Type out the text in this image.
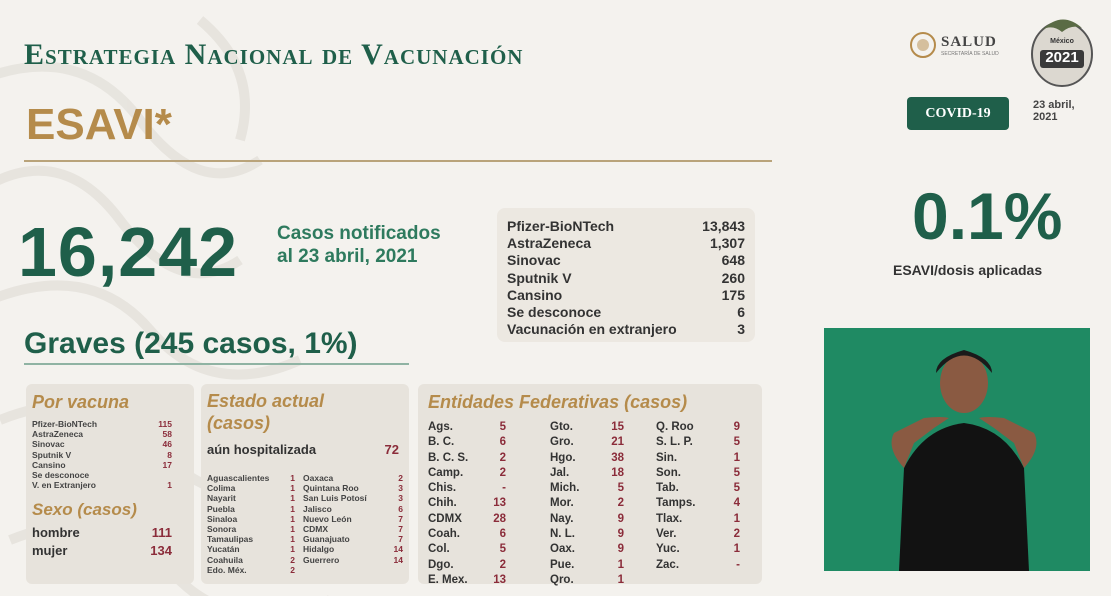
Estrategia Nacional de Vacunación
ESAVI*
SALUD
SECRETARÍA DE SALUD	2021
México
COVID-19
23 abril,
2021
16,242 Casos notificados
al 23 abril, 2021
Pfizer-BioNTech	13,843
AstraZeneca	1,307
Sinovac	648
Sputnik V	260
Cansino	175
Se desconoce	6
Vacunación en extranjero	3
0.1%
ESAVI/dosis aplicadas
Graves (245 casos, 1%)
Por vacuna
Pfizer-BioNTech	115
AstraZeneca	58
Sinovac	46
Sputnik V	8
Cansino	17
Se desconoce
V. en Extranjero	1
Sexo (casos)
hombre	111
mujer	134
Estado actual
(casos)
aún hospitalizada	72
Aguascalientes 1
Colima	1
Nayarit	1
Puebla	1
Sinaloa	1
Sonora	1
Tamaulipas	1
Yucatán	1
Coahuila	2
Edo. Méx.	2
Oaxaca	2
Quintana Roo	3
San Luis Potosí	3
Jalisco	6
Nuevo León	7
CDMX	7
Guanajuato	7
Hidalgo	14
Guerrero	14
Entidades Federativas (casos)
Ags.	5
B. C.	6
B. C. S.	2
Camp.	2
Chis.	-
Chih.	13
CDMX	28
Coah.	6
Col.	5
Dgo.	2
E. Mex. 13
Gto.	15
Gro.	21
Hgo.	38
Jal.	18
Mich.	5
Mor.	2
Nay.	9
N. L.	9
Oax.	9
Pue.	1
Qro.	1
Q. Roo	9
S. L. P.	5
Sin.	1
Son.	5
Tab.	5
Tamps.	4
Tlax.	1
Ver.	2
Yuc.	1
Zac.	-
